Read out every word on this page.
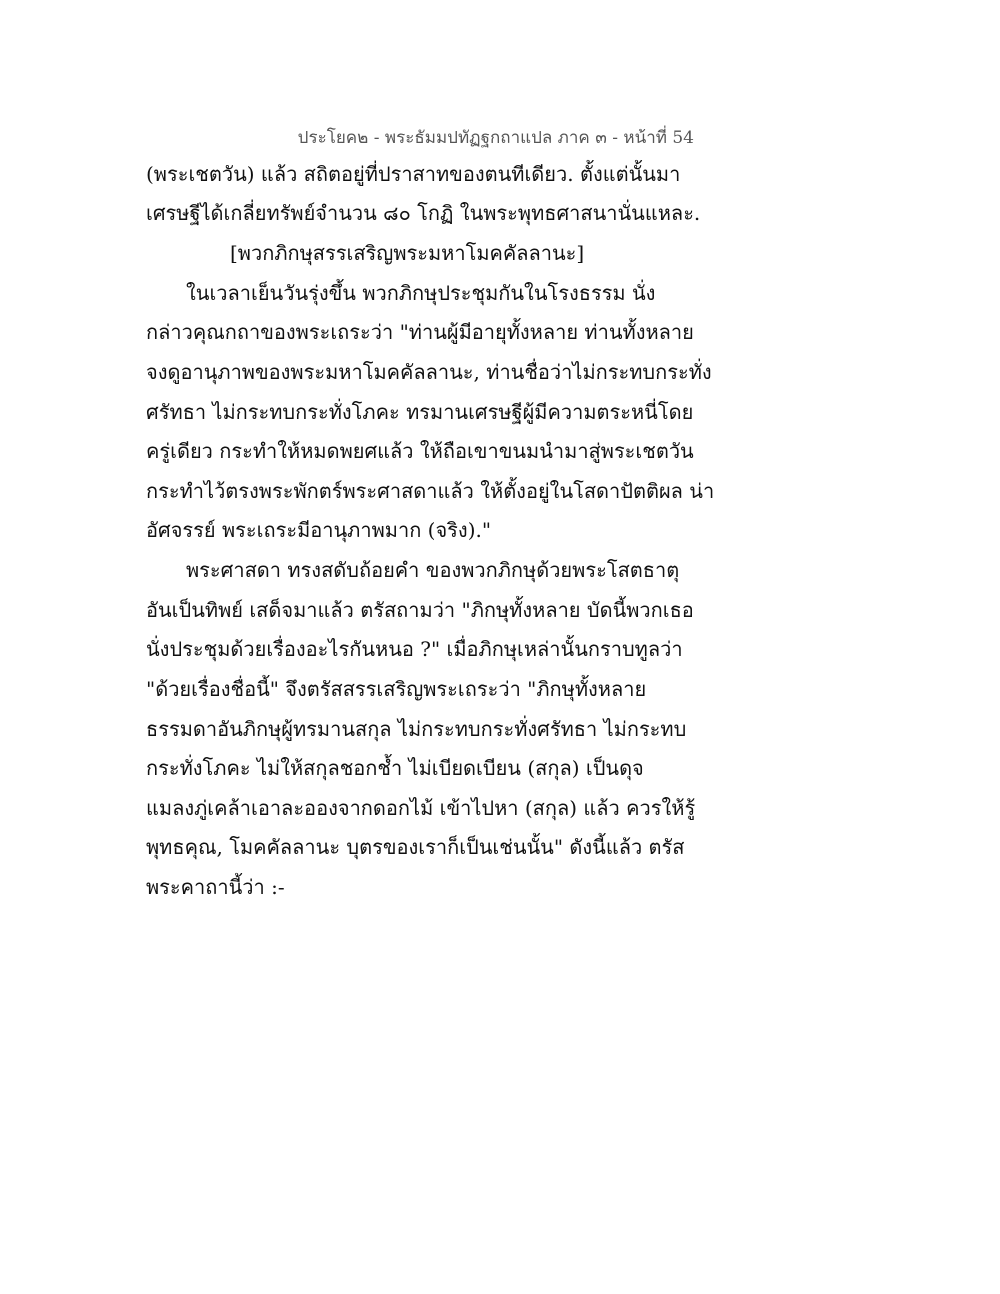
ประโยค๒ - พระธัมมปทัฏฐกถาแปล ภาค ๓ - หน้าที่ 54
(พระเชตวัน) แล้ว สถิตอยู่ที่ปราสาทของตนทีเดียว. ตั้งแต่นั้นมา
เศรษฐีได้เกลี่ยทรัพย์จำนวน ๘๐ โกฏิ ในพระพุทธศาสนานั่นแหละ.
[พวกภิกษุสรรเสริญพระมหาโมคคัลลานะ]
ในเวลาเย็นวันรุ่งขึ้น พวกภิกษุประชุมกันในโรงธรรม นั่ง
กล่าวคุณกถาของพระเถระว่า "ท่านผู้มีอายุทั้งหลาย ท่านทั้งหลาย
จงดูอานุภาพของพระมหาโมคคัลลานะ, ท่านชื่อว่าไม่กระทบกระทั่ง
ศรัทธา ไม่กระทบกระทั่งโภคะ ทรมานเศรษฐีผู้มีความตระหนี่โดย
ครู่เดียว กระทำให้หมดพยศแล้ว ให้ถือเขาขนมนำมาสู่พระเชตวัน
กระทำไว้ตรงพระพักตร์พระศาสดาแล้ว ให้ตั้งอยู่ในโสดาปัตติผล น่า
อัศจรรย์ พระเถระมีอานุภาพมาก (จริง)."
พระศาสดา ทรงสดับถ้อยคำ ของพวกภิกษุด้วยพระโสตธาตุ
อันเป็นทิพย์ เสด็จมาแล้ว ตรัสถามว่า "ภิกษุทั้งหลาย บัดนี้พวกเธอ
นั่งประชุมด้วยเรื่องอะไรกันหนอ ?" เมื่อภิกษุเหล่านั้นกราบทูลว่า
"ด้วยเรื่องชื่อนี้" จึงตรัสสรรเสริญพระเถระว่า "ภิกษุทั้งหลาย
ธรรมดาอันภิกษุผู้ทรมานสกุล ไม่กระทบกระทั่งศรัทธา ไม่กระทบ
กระทั่งโภคะ ไม่ให้สกุลชอกช้ำ ไม่เบียดเบียน (สกุล) เป็นดุจ
แมลงภู่เคล้าเอาละอองจากดอกไม้ เข้าไปหา (สกุล) แล้ว ควรให้รู้
พุทธคุณ, โมคคัลลานะ บุตรของเราก็เป็นเช่นนั้น" ดังนี้แล้ว ตรัส
พระคาถานี้ว่า :-
